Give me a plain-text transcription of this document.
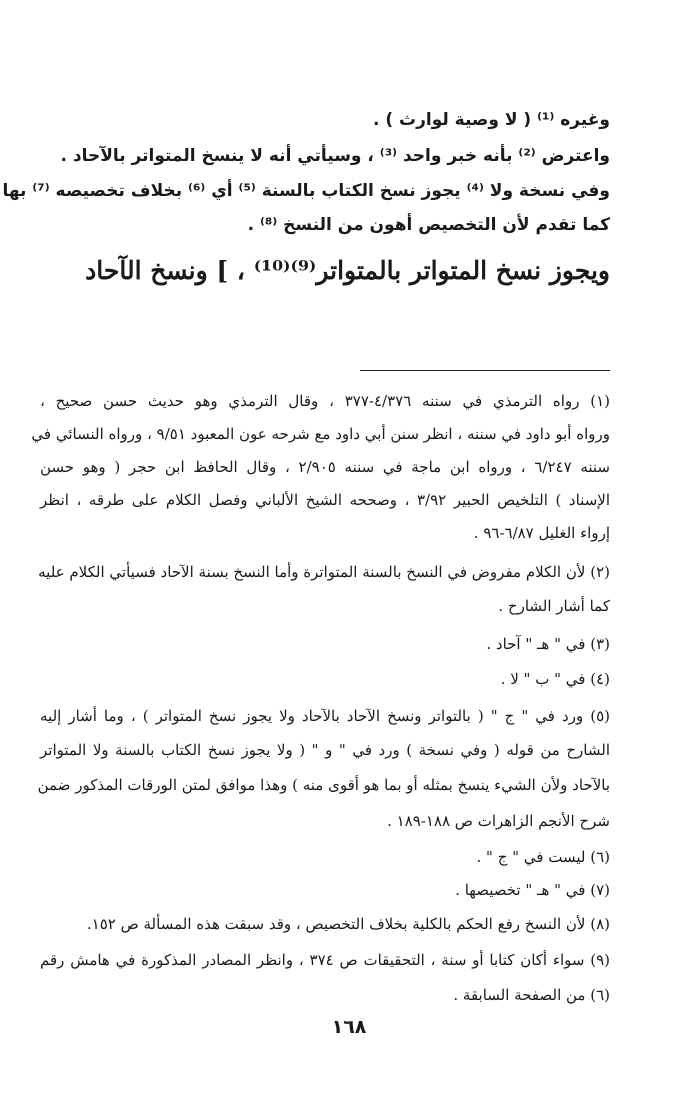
وغيره ⁽¹⁾ ( لا وصية لوارث ) .
واعترض ⁽²⁾ بأنه خبر واحد ⁽³⁾ ، وسيأتي أنه لا ينسخ المتواتر بالآحاد .
وفي نسخة ولا ⁽⁴⁾ يجوز نسخ الكتاب بالسنة ⁽⁵⁾ أي ⁽⁶⁾ بخلاف تخصيصه ⁽⁷⁾ بها
كما تقدم لأن التخصيص أهون من النسخ ⁽⁸⁾ .
ويجوز نسخ المتواتر بالمتواتر⁽⁹⁾⁽¹⁰⁾ ، ] ونسخ الآحاد
(١) رواه الترمذي في سننه ٤/٣٧٦-٣٧٧ ، وقال الترمذي وهو حديث حسن صحيح ،
ورواه أبو داود في سننه ، انظر سنن أبي داود مع شرحه عون المعبود ٩/٥١ ، ورواه النسائي في
سننه ٦/٢٤٧ ، ورواه ابن ماجة في سننه ٢/٩٠٥ ، وقال الحافظ ابن حجر ( وهو حسن
الإسناد ) التلخيص الحبير ٣/٩٢ ، وصححه الشيخ الألباني وفصل الكلام على طرقه ، انظر
إرواء الغليل ٦/٨٧-٩٦ .
(٢) لأن الكلام مفروض في النسخ بالسنة المتواترة وأما النسخ بسنة الآحاد فسيأتي الكلام عليه
كما أشار الشارح .
(٣) في " هـ " آحاد .
(٤) في " ب " لا .
(٥) ورد في " ج " ( بالتواتر ونسخ الآحاد بالآحاد ولا يجوز نسخ المتواتر ) ، وما أشار إليه
الشارح من قوله ( وفي نسخة ) ورد في " و " ( ولا يجوز نسخ الكتاب بالسنة ولا المتواتر
بالآحاد ولأن الشيء ينسخ بمثله أو بما هو أقوى منه ) وهذا موافق لمتن الورقات المذكور ضمن
شرح الأنجم الزاهرات ص ١٨٨-١٨٩ .
(٦) ليست في " ج " .
(٧) في " هـ " تخصيصها .
(٨) لأن النسخ رفع الحكم بالكلية بخلاف التخصيص ، وقد سبقت هذه المسألة ص ١٥٢.
(٩) سواء أكان كتابا أو سنة ، التحقيقات ص ٣٧٤ ، وانظر المصادر المذكورة في هامش رقم
(٦) من الصفحة السابقة .
١٦٨
